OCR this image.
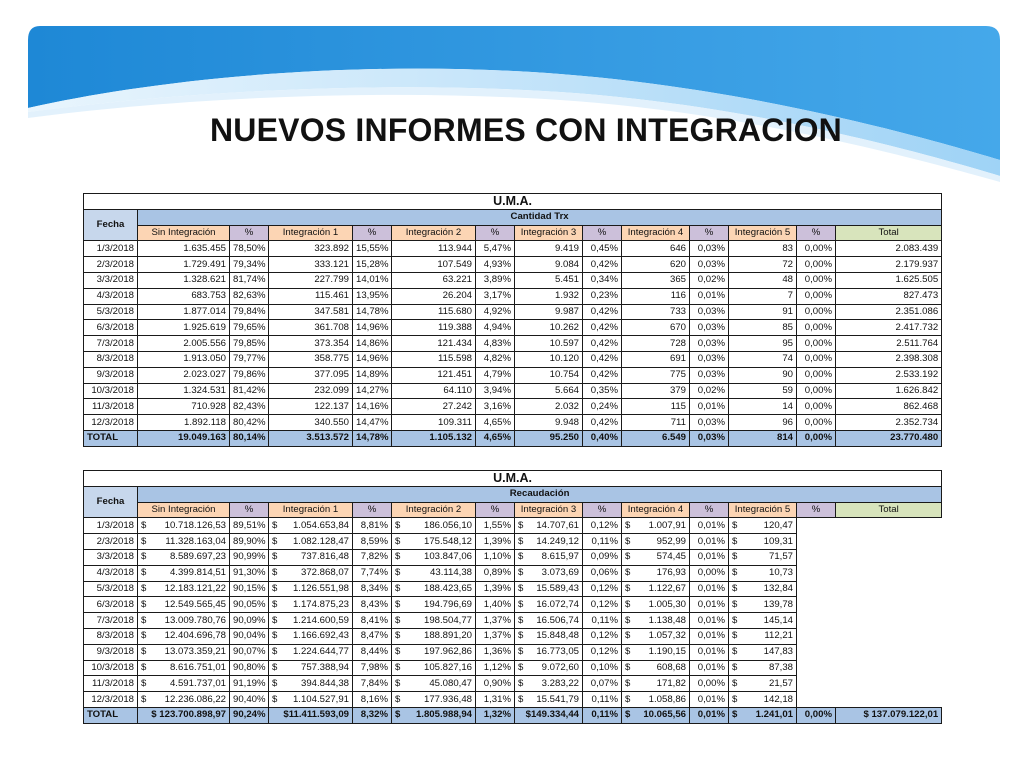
NUEVOS INFORMES CON INTEGRACION
U.M.A.													
Fecha	Cantidad Trx												
	Sin Integración	%	Integración 1	%	Integración 2	%	Integración 3	%	Integración 4	%	Integración 5	%	Total
1/3/2018	1.635.455	78,50%	323.892	15,55%	113.944	5,47%	9.419	0,45%	646	0,03%	83	0,00%	2.083.439
2/3/2018	1.729.491	79,34%	333.121	15,28%	107.549	4,93%	9.084	0,42%	620	0,03%	72	0,00%	2.179.937
3/3/2018	1.328.621	81,74%	227.799	14,01%	63.221	3,89%	5.451	0,34%	365	0,02%	48	0,00%	1.625.505
4/3/2018	683.753	82,63%	115.461	13,95%	26.204	3,17%	1.932	0,23%	116	0,01%	7	0,00%	827.473
5/3/2018	1.877.014	79,84%	347.581	14,78%	115.680	4,92%	9.987	0,42%	733	0,03%	91	0,00%	2.351.086
6/3/2018	1.925.619	79,65%	361.708	14,96%	119.388	4,94%	10.262	0,42%	670	0,03%	85	0,00%	2.417.732
7/3/2018	2.005.556	79,85%	373.354	14,86%	121.434	4,83%	10.597	0,42%	728	0,03%	95	0,00%	2.511.764
8/3/2018	1.913.050	79,77%	358.775	14,96%	115.598	4,82%	10.120	0,42%	691	0,03%	74	0,00%	2.398.308
9/3/2018	2.023.027	79,86%	377.095	14,89%	121.451	4,79%	10.754	0,42%	775	0,03%	90	0,00%	2.533.192
10/3/2018	1.324.531	81,42%	232.099	14,27%	64.110	3,94%	5.664	0,35%	379	0,02%	59	0,00%	1.626.842
11/3/2018	710.928	82,43%	122.137	14,16%	27.242	3,16%	2.032	0,24%	115	0,01%	14	0,00%	862.468
12/3/2018	1.892.118	80,42%	340.550	14,47%	109.311	4,65%	9.948	0,42%	711	0,03%	96	0,00%	2.352.734
TOTAL	19.049.163	80,14%	3.513.572	14,78%	1.105.132	4,65%	95.250	0,40%	6.549	0,03%	814	0,00%	23.770.480
U.M.A.													
Fecha	Recaudación												
	Sin Integración	%	Integración 1	%	Integración 2	%	Integración 3	%	Integración 4	%	Integración 5	%	Total
1/3/2018	$ 10.718.126,53	89,51%	$ 1.054.653,84	8,81%	$ 186.056,10	1,55%	$ 14.707,61	0,12%	$ 1.007,91	0,01%	$ 120,47		
2/3/2018	$ 11.328.163,04	89,90%	$ 1.082.128,47	8,59%	$ 175.548,12	1,39%	$ 14.249,12	0,11%	$ 952,99	0,01%	$ 109,31		
3/3/2018	$ 8.589.697,23	90,99%	$ 737.816,48	7,82%	$ 103.847,06	1,10%	$ 8.615,97	0,09%	$ 574,45	0,01%	$ 71,57		
4/3/2018	$ 4.399.814,51	91,30%	$ 372.868,07	7,74%	$ 43.114,38	0,89%	$ 3.073,69	0,06%	$ 176,93	0,00%	$ 10,73		
5/3/2018	$ 12.183.121,22	90,15%	$ 1.126.551,98	8,34%	$ 188.423,65	1,39%	$ 15.589,43	0,12%	$ 1.122,67	0,01%	$ 132,84		
6/3/2018	$ 12.549.565,45	90,05%	$ 1.174.875,23	8,43%	$ 194.796,69	1,40%	$ 16.072,74	0,12%	$ 1.005,30	0,01%	$ 139,78		
7/3/2018	$ 13.009.780,76	90,09%	$ 1.214.600,59	8,41%	$ 198.504,77	1,37%	$ 16.506,74	0,11%	$ 1.138,48	0,01%	$ 145,14		
8/3/2018	$ 12.404.696,78	90,04%	$ 1.166.692,43	8,47%	$ 188.891,20	1,37%	$ 15.848,48	0,12%	$ 1.057,32	0,01%	$ 112,21		
9/3/2018	$ 13.073.359,21	90,07%	$ 1.224.644,77	8,44%	$ 197.962,86	1,36%	$ 16.773,05	0,12%	$ 1.190,15	0,01%	$ 147,83		
10/3/2018	$ 8.616.751,01	90,80%	$ 757.388,94	7,98%	$ 105.827,16	1,12%	$ 9.072,60	0,10%	$ 608,68	0,01%	$ 87,38		
11/3/2018	$ 4.591.737,01	91,19%	$ 394.844,38	7,84%	$ 45.080,47	0,90%	$ 3.283,22	0,07%	$ 171,82	0,00%	$ 21,57		
12/3/2018	$ 12.236.086,22	90,40%	$ 1.104.527,91	8,16%	$ 177.936,48	1,31%	$ 15.541,79	0,11%	$ 1.058,86	0,01%	$ 142,18		
TOTAL	$ 123.700.898,97	90,24%	$11.411.593,09	8,32%	$ 1.805.988,94	1,32%	$149.334,44	0,11%	$ 10.065,56	0,01%	$ 1.241,01	0,00%	$ 137.079.122,01
